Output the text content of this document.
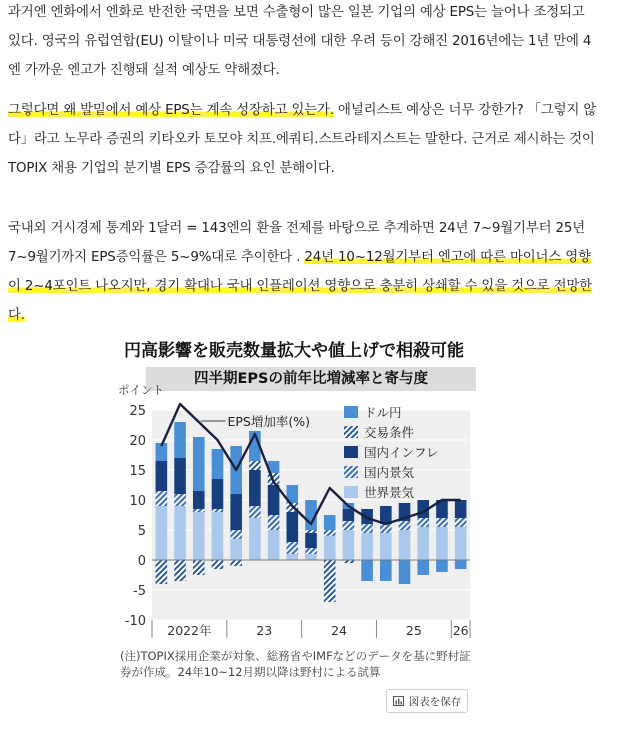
과거엔 엔화에서 엔화로 반전한 국면을 보면 수출형이 많은 일본 기업의 예상 EPS는 늘어나 조정되고 있다. 영국의 유럽연합(EU) 이탈이나 미국 대통령선에 대한 우려 등이 강해진 2016년에는 1년 만에 4엔 가까운 엔고가 진행돼 실적 예상도 약해졌다.

그렇다면 왜 발밑에서 예상 EPS는 계속 성장하고 있는가. 애널리스트 예상은 너무 강한가? 「그렇지 않다」라고 노무라 증권의 키타오카 토모야 치프.에쿼티.스트라테지스트는 말한다. 근거로 제시하는 것이 TOPIX 채용 기업의 분기별 EPS 증감률의 요인 분해이다.

국내외 거시경제 통계와 1달러 = 143엔의 환율 전제를 바탕으로 추계하면 24년 7~9월기부터 25년 7~9월기까지 EPS증익률은 5~9%대로 추이한다 . 24년 10~12월기부터 엔고에 따른 마이너스 영향이 2~4포인트 나오지만, 경기 확대나 국내 인플레이션 영향으로 충분히 상쇄할 수 있을 것으로 전망한다.

円高影響を販売数量拡大や値上げで相殺可能
四半期EPSの前年比増減率と寄与度
25
20
15
10
5
0
-5
-10
ポイント
EPS増加率(%)
ドル円
交易条件
国内インフレ
国内景気
世界景気
2022年	23	24	25 26
(注)TOPIX採用企業が対象、総務省やIMFなどのデータを基に野村証券が作成。24年10~12月期以降は野村による試算
図表を保存
